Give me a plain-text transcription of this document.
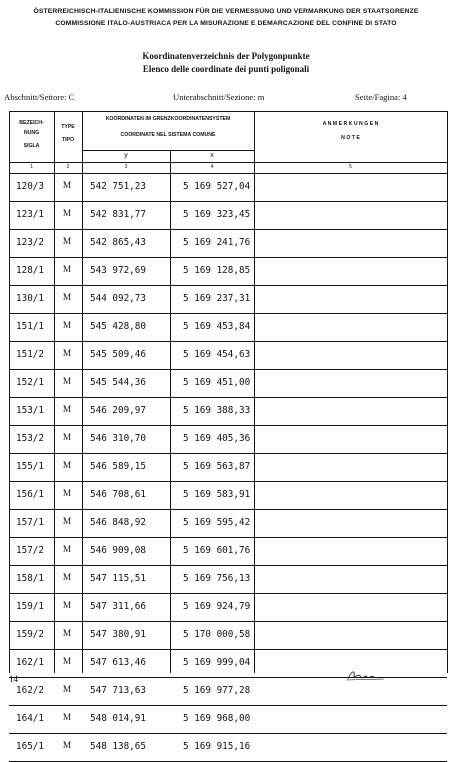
ÖSTERREICHISCH-ITALIENISCHE KOMMISSION FÜR DIE VERMESSUNG UND VERMARKUNG DER STAATSGRENZE
COMMISSIONE ITALO-AUSTRIACA PER LA MISURAZIONE E DEMARCAZIONE DEL CONFINE DI STATO
Koordinatenverzeichnis der Polygonpunkte
Elenco delle coordinate dei punti poligonali
Abschnitt/Settore: C	Unterabschnitt/Sezione: m	Seite/Fagina: 4
BEZEICH-
NUNG
SIGLA
TYPE
TIPO
KOORDINATEN IM GRENZKOORDINATENSYSTEM
COORDINATE NEL SISTEMA COMUNE
y	x
A N M E R K U N G E N
N O T E
1	2	3	4	5
120/3	M	542 751,23	5 169 527,04
123/1	M	542 831,77	5 169 323,45
123/2	M	542 865,43	5 169 241,76
128/1	M	543 972,69	5 169 128,85
130/1	M	544 092,73	5 169 237,31
151/1	M	545 428,80	5 169 453,84
151/2	M	545 509,46	5 169 454,63
152/1	M	545 544,36	5 169 451,00
153/1	M	546 209,97	5 169 388,33
153/2	M	546 310,70	5 169 405,36
155/1	M	546 589,15	5 169 563,87
156/1	M	546 708,61	5 169 583,91
157/1	M	546 848,92	5 169 595,42
157/2	M	546 909,08	5 169 601,76
158/1	M	547 115,51	5 169 756,13
159/1	M	547 311,66	5 169 924,79
159/2	M	547 380,91	5 170 000,58
162/1	M	547 613,46	5 169 999,04
162/2	M	547 713,63	5 169 977,28
164/1	M	548 014,91	5 169 968,00
165/1	M	548 138,65	5 169 915,16
14
